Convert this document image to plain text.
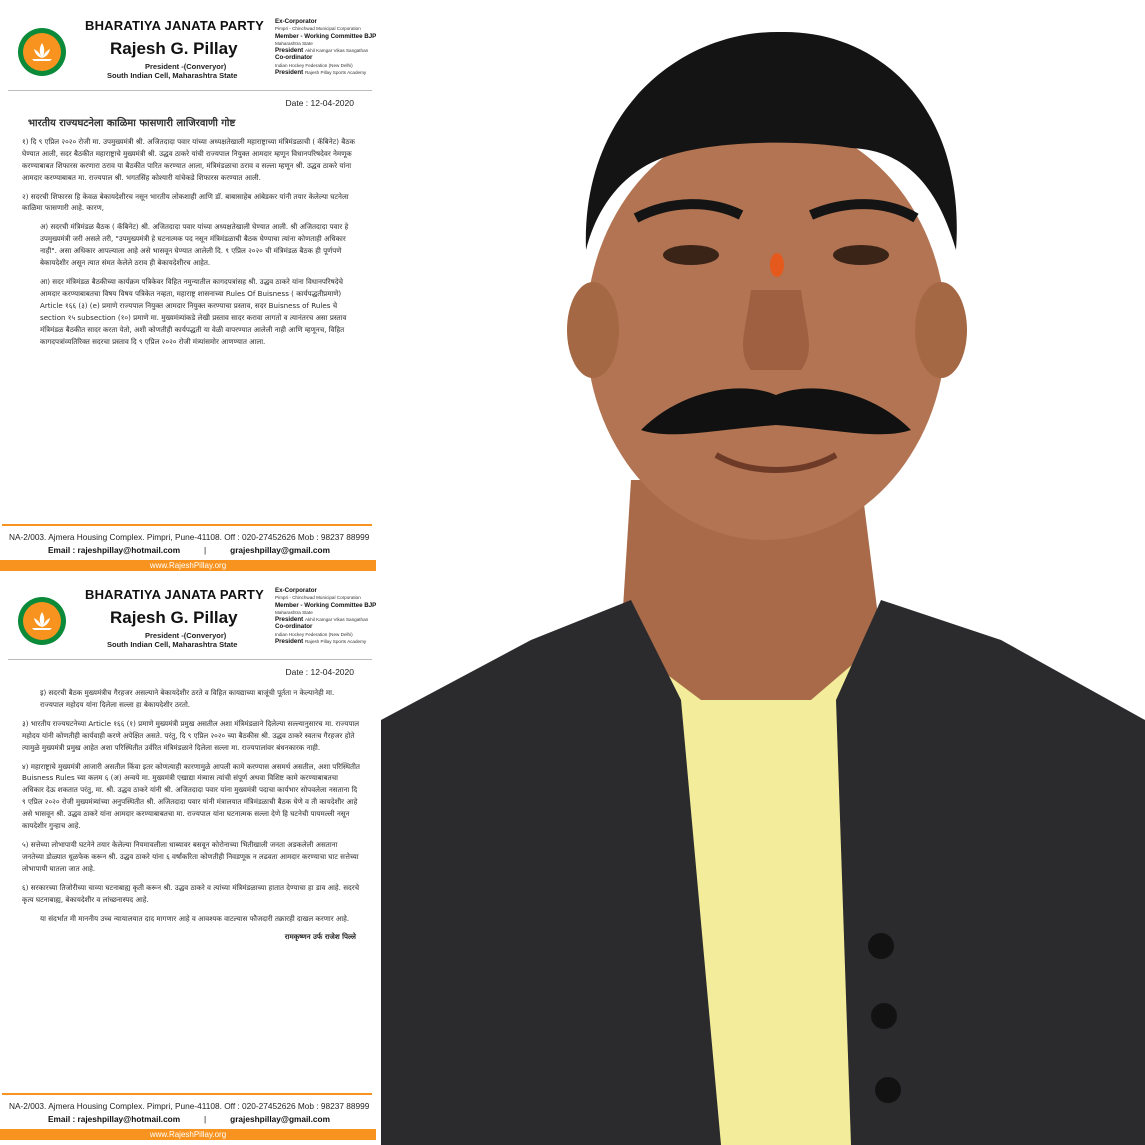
BHARATIYA JANATA PARTY
Rajesh G. Pillay
President -(Converyor)
South Indian Cell, Maharashtra State
Ex-Corporator
Pimpri - Chinchwad Municipal Corporation
Member - Working Committee BJP
Maharashtra State
President Akhil Kamgar Vikas Sangathan
Co-ordinator
Indian Hockey Federation (New Delhi)
President Rajesh Pillay Sports Academy
Date : 12-04-2020
भारतीय राज्यघटनेला काळिमा फासणारी लाजिरवाणी गोष्ट

१) दि ९ एप्रिल २०२० रोजी मा. उपमुख्यमंत्री श्री. अजितदादा पवार यांच्या अध्यक्षतेखाली महाराष्ट्राच्या मंत्रिमंडळाची ( कॅबिनेट) बैठक घेण्यात आली, सदर बैठकीत महाराष्ट्राचे मुख्यमंत्री श्री. उद्धव ठाकरे यांची राज्यपाल नियुक्त आमदार म्हणून विधानपरिषदेवर नेमणूक करण्याबाबत शिफारस करणारा ठराव या बैठकीत पारित करण्यात आला, मंत्रिमंडळाचा ठराव व सल्ला म्हणून श्री. उद्धव ठाकरे यांना आमदार करण्याबाबत मा. राज्यपाल श्री. भगतसिंह कोश्यारी यांचेकडे शिफारस करण्यात आली.

२) सदरची शिफारस हि केवळ बेकायदेशीरच नसून भारतीय लोकशाही आणि डॉ. बाबासाहेब आंबेडकर यांनी तयार केलेल्या घटनेला काळिमा फासणारी आहे. कारण,

अ) सदरची मंत्रिमंडळ बैठक ( कॅबिनेट) श्री. अजितदादा पवार यांच्या अध्यक्षतेखाली घेण्यात आली. श्री अजितदादा पवार हे उपमुख्यमंत्री जरी असले तरी, "उपमुख्यमंत्री हे घटनात्मक पद नसून मंत्रिमंडळाची बैठक घेण्याचा त्यांना कोणताही अधिकार नाही". असा अधिकार आपल्याला आहे असे भासवून घेण्यात आलेली दि. ९ एप्रिल २०२० ची मंत्रिमंडळ बैठक ही पूर्णपणे बेकायदेशीर असून त्यात संमत केलेले ठराव ही बेकायदेशीरच आहेत.

आ) सदर मंत्रिमंडळ बैठकीच्या कार्यक्रम पत्रिकेवर विहित नमुन्यातील कागदपत्रांसह श्री. उद्धव ठाकरे यांना विधानपरिषदेचे आमदार करण्याबाबतचा विषय विषय पत्रिकेत नव्हता, महाराष्ट्र शासनाच्या Rules Of Buisness ( कार्यपद्धतीप्रमाणे) Article १६६ (३) (e) प्रमाणे राज्यपाल नियुक्त आमदार नियुक्त करण्याचा प्रस्ताव, सदर Buisness of Rules चे section १५ subsection (१०) प्रमाणे मा. मुख्यमंत्र्यांकडे लेखी प्रस्ताव सादर करावा लागतो व त्यानंतरच असा प्रस्ताव मंत्रिमंडळ बैठकीत सादर करता येतो, अशी कोणतीही कार्यपद्धती या वेळी वापरण्यात आलेली नाही आणि म्हणूनच, विहित कागदपत्रांव्यतिरिक्त सदरचा प्रस्ताव दि ९ एप्रिल २०२० रोजी मंत्र्यांसमोर आणण्यात आला.

NA-2/003. Ajmera Housing Complex. Pimpri, Pune-41108. Off : 020-27452626 Mob : 98237 88999
Email : rajeshpillay@hotmail.com	|	grajeshpillay@gmail.com
www.RajeshPillay.org
BHARATIYA JANATA PARTY
Rajesh G. Pillay
President -(Converyor)
South Indian Cell, Maharashtra State
Ex-Corporator
Pimpri - Chinchwad Municipal Corporation
Member - Working Committee BJP
Maharashtra State
President Akhil Kamgar Vikas Sangathan
Co-ordinator
Indian Hockey Federation (New Delhi)
President Rajesh Pillay Sports Academy
Date : 12-04-2020

इ) सदरची बैठक मुख्यमंत्रीच गैरहजर असल्याने बेकायदेशीर ठरते व विहित कायद्याच्या बाजूंची पूर्तता न केल्यानेही मा. राज्यपाल महोदय यांना दिलेला सल्ला हा बेकायदेशीर ठरतो.

३) भारतीय राज्यघटनेच्या Article १६६ (१) प्रमाणे मुख्यमंत्री प्रमुख असतील अशा मंत्रिमंडळाने दिलेल्या सल्ल्यानुसारच मा. राज्यपाल महोदय यांनी कोणतीही कार्यवाही करणे अपेक्षित असते. परंतु, दि ९ एप्रिल २०२० च्या बैठकीस श्री. उद्धव ठाकरे स्वतःच गैरहजर होते त्यामुळे मुख्यमंत्री प्रमुख आहेत अशा परिस्थितीत उर्वरित मंत्रिमंडळाने दिलेला सल्ला मा. राज्यपालांवर बंधनकारक नाही.

४) महाराष्ट्राचे मुख्यमंत्री आजारी असतील किंवा इतर कोणत्याही कारणामुळे आपली कामे करण्यास असमर्थ असतील, अशा परिस्थितीत Buisness Rules च्या कलम ६ (अ) अन्वये मा. मुख्यमंत्री एखाद्या मंत्र्यास त्यांची संपूर्ण अथवा विशिष्ट कामे करण्याबाबतचा अधिकार देऊ शकतात परंतु, मा. श्री. उद्धव ठाकरे यांनी श्री. अजितदादा पवार यांना मुख्यमंत्री पदाचा कार्यभार सोपवलेला नसताना दि ९ एप्रिल २०२० रोजी मुख्यमंत्र्यांच्या अनुपस्थितीत श्री. अजितदादा पवार यांनी मंत्रालयात मंत्रिमंडळाची बैठक घेणे व ती कायदेशीर आहे असे भासवून श्री. उद्धव ठाकरे यांना आमदार करण्याबाबतचा मा. राज्यपाल यांना घटनात्मक सल्ला देणे हि घटनेची पायमल्ली नसून कायदेशीर गुन्हाच आहे.

५) सत्तेच्या लोभापायी घटनेने तयार केलेल्या नियमावलीला धाब्यावर बसवून कोरोनाच्या भितीखाली जनता अडकलेली असताना जनतेच्या डोळ्यात धूळफेक करून श्री. उद्धव ठाकरे यांना ६ वर्षांकरिता कोणतीही निवडणूक न लढवता आमदार करण्याचा घाट सत्तेच्या लोभापायी घातला जात आहे.

६) सरकारच्या तिजोरीच्या चाव्या घटनाबाह्य कृती करून श्री. उद्धव ठाकरे व त्यांच्या मंत्रिमंडळाच्या हातात देण्याचा हा डाव आहे. सदरचे कृत्य घटनाबाह्य, बेकायदेशीर व लांच्छनास्पद आहे.

या संदर्भात मी माननीय उच्च न्यायालयात दाद मागणार आहे व आवश्यक वाटल्यास फौजदारी तक्रारही दाखल करणार आहे.

रामकृष्णन उर्फ राजेश पिल्ले

NA-2/003. Ajmera Housing Complex. Pimpri, Pune-41108. Off : 020-27452626 Mob : 98237 88999
Email : rajeshpillay@hotmail.com	|	grajeshpillay@gmail.com
www.RajeshPillay.org
